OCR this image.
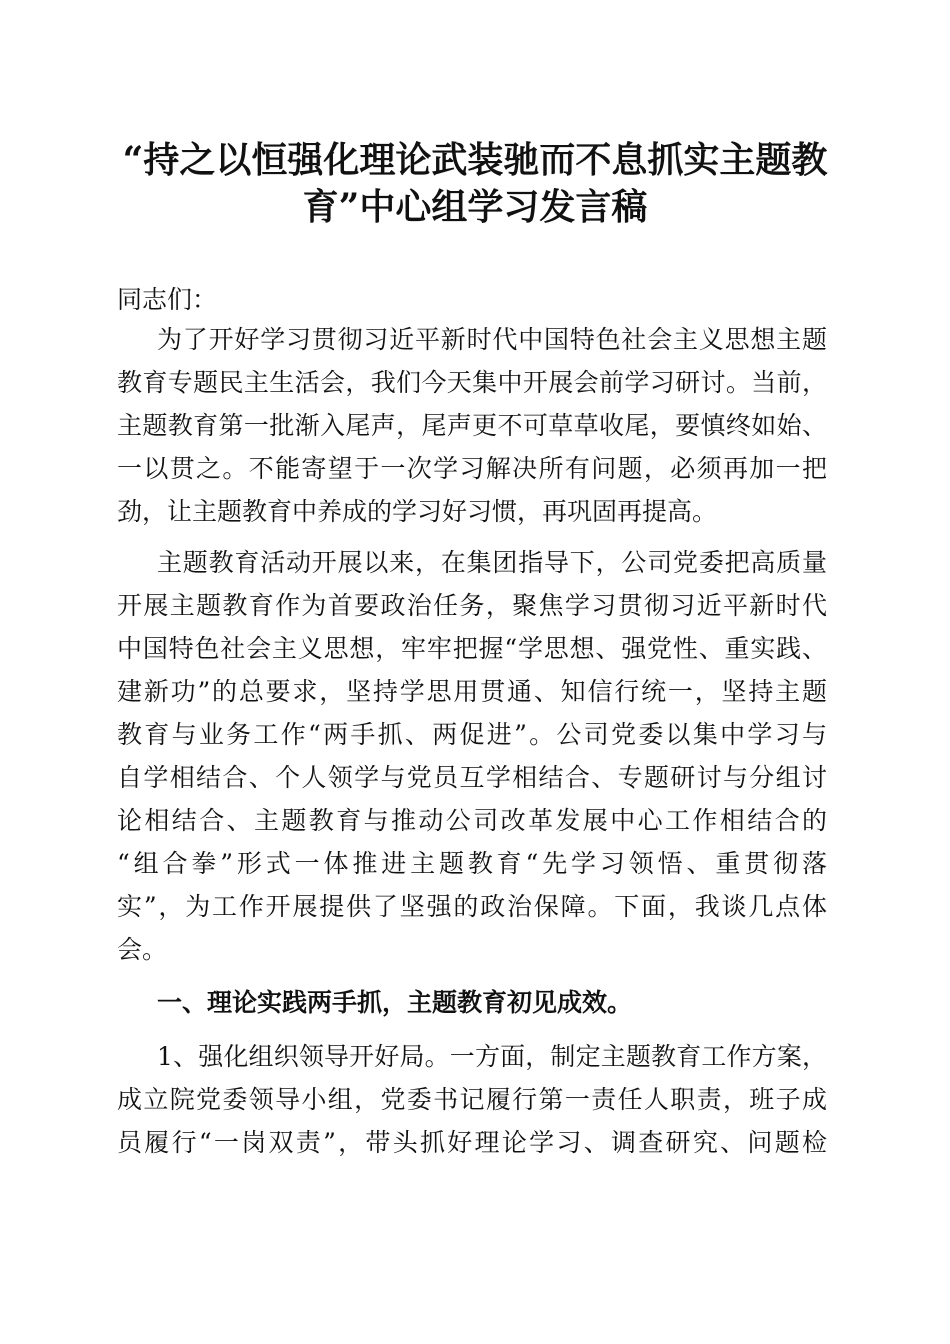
“持之以恒强化理论武装驰而不息抓实主题教
育”中心组学习发言稿
同志们：
为了开好学习贯彻习近平新时代中国特色社会主义思想主题
教育专题民主生活会，我们今天集中开展会前学习研讨。当前，
主题教育第一批渐入尾声，尾声更不可草草收尾，要慎终如始、
一以贯之。不能寄望于一次学习解决所有问题，必须再加一把
劲，让主题教育中养成的学习好习惯，再巩固再提高。
主题教育活动开展以来，在集团指导下，公司党委把高质量
开展主题教育作为首要政治任务，聚焦学习贯彻习近平新时代
中国特色社会主义思想，牢牢把握“学思想、强党性、重实践、
建新功”的总要求，坚持学思用贯通、知信行统一，坚持主题
教育与业务工作“两手抓、两促进”。公司党委以集中学习与
自学相结合、个人领学与党员互学相结合、专题研讨与分组讨
论相结合、主题教育与推动公司改革发展中心工作相结合的
“组合拳”形式一体推进主题教育“先学习领悟、重贯彻落
实”，为工作开展提供了坚强的政治保障。下面，我谈几点体
会。
一、理论实践两手抓，主题教育初见成效。
1、强化组织领导开好局。一方面，制定主题教育工作方案，
成立院党委领导小组，党委书记履行第一责任人职责，班子成
员履行“一岗双责”，带头抓好理论学习、调查研究、问题检
